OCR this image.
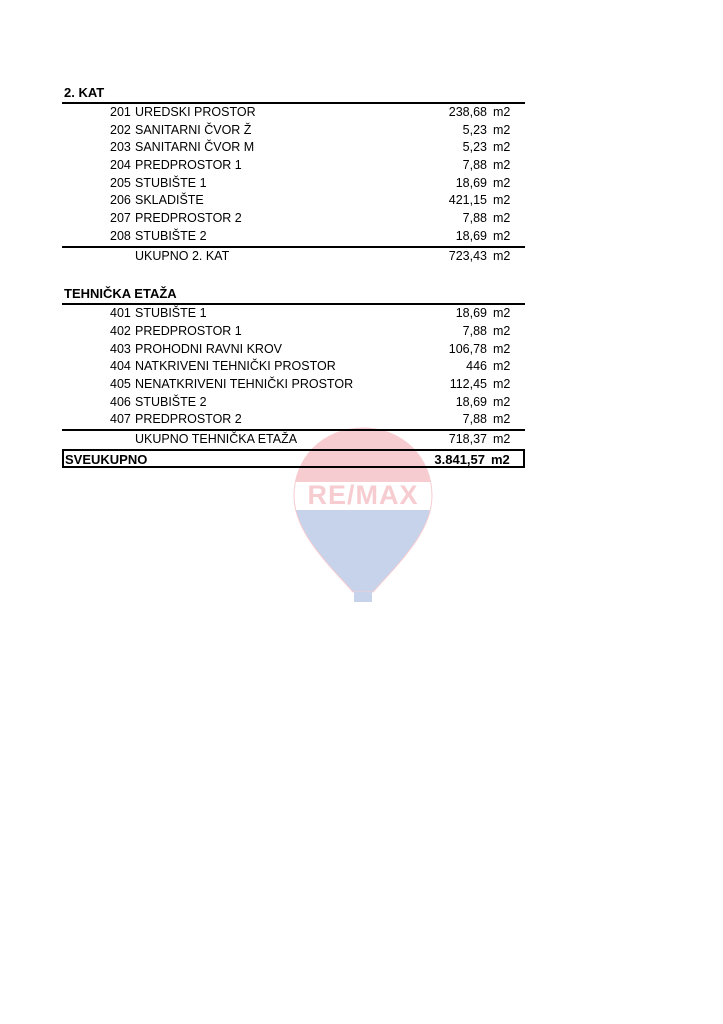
RE/MAX
2. KAT
201 UREDSKI PROSTOR	238,68 m2
202 SANITARNI ČVOR Ž	5,23 m2
203 SANITARNI ČVOR M	5,23 m2
204 PREDPROSTOR 1	7,88 m2
205 STUBIŠTE 1	18,69 m2
206 SKLADIŠTE	421,15 m2
207 PREDPROSTOR 2	7,88 m2
208 STUBIŠTE 2	18,69 m2
UKUPNO 2. KAT	723,43 m2
TEHNIČKA ETAŽA
401 STUBIŠTE 1	18,69 m2
402 PREDPROSTOR 1	7,88 m2
403 PROHODNI RAVNI KROV	106,78 m2
404 NATKRIVENI TEHNIČKI PROSTOR	446 m2
405 NENATKRIVENI TEHNIČKI PROSTOR	112,45 m2
406 STUBIŠTE 2	18,69 m2
407 PREDPROSTOR 2	7,88 m2
UKUPNO TEHNIČKA ETAŽA	718,37 m2
SVEUKUPNO	3.841,57 m2
